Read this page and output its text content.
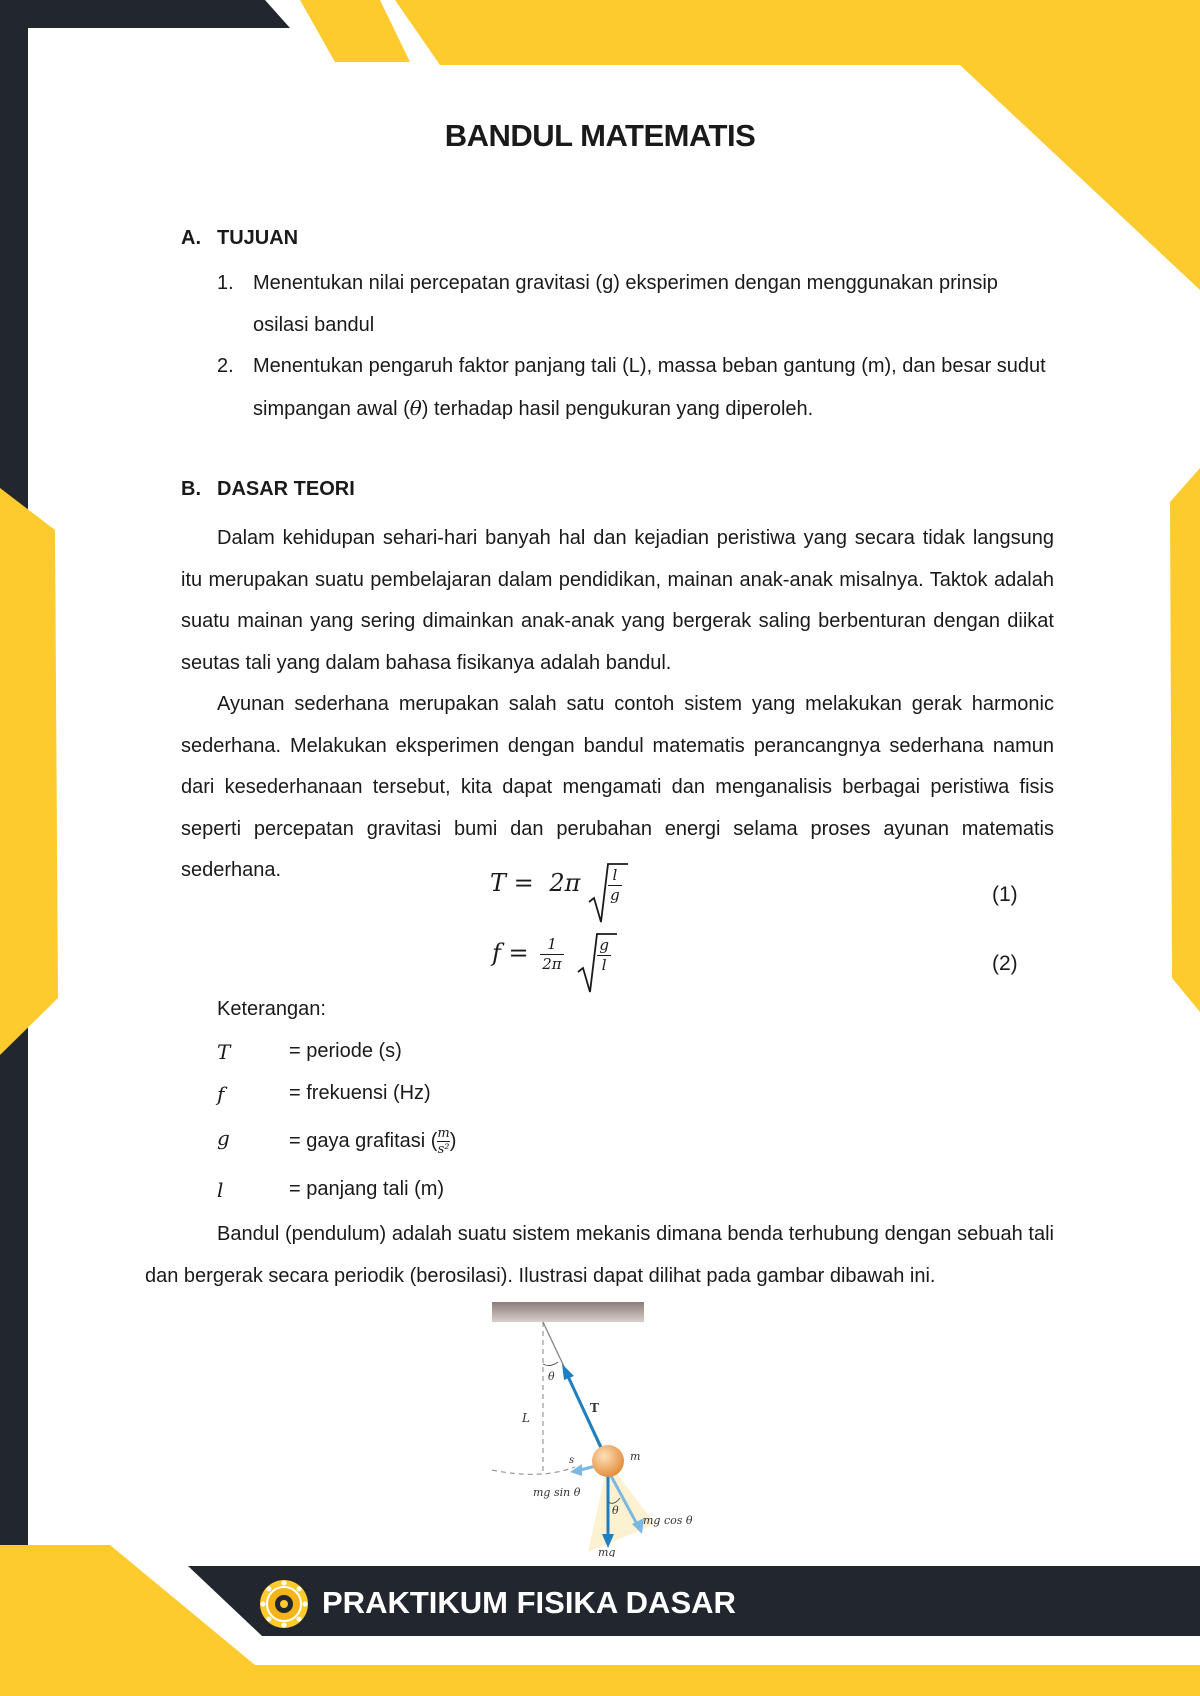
BANDUL MATEMATIS
A. TUJUAN
1. Menentukan nilai percepatan gravitasi (g) eksperimen dengan menggunakan prinsip osilasi bandul
2. Menentukan pengaruh faktor panjang tali (L), massa beban gantung (m), dan besar sudut simpangan awal (θ) terhadap hasil pengukuran yang diperoleh.
B. DASAR TEORI

Dalam kehidupan sehari-hari banyah hal dan kejadian peristiwa yang secara tidak langsung itu merupakan suatu pembelajaran dalam pendidikan, mainan anak-anak misalnya. Taktok adalah suatu mainan yang sering dimainkan anak-anak yang bergerak saling berbenturan dengan diikat seutas tali yang dalam bahasa fisikanya adalah bandul.

Ayunan sederhana merupakan salah satu contoh sistem yang melakukan gerak harmonic sederhana. Melakukan eksperimen dengan bandul matematis perancangnya sederhana namun dari kesederhanaan tersebut, kita dapat mengamati dan menganalisis berbagai peristiwa fisis seperti percepatan gravitasi bumi dan perubahan energi selama proses ayunan matematis sederhana.	$T = 2\pi \frac{l}{g}$	(1)
$f = \frac{1}{2\pi}$
$\frac{g}{l}$	(2)
Keterangan:
T	= periode (s)
f	= frekuensi (Hz)
g	= gaya grafitasi ( $\frac{m}{\text{s²}}$)
l	= panjang tali (m)

Bandul (pendulum) adalah suatu sistem mekanis dimana benda terhubung dengan sebuah tali dan bergerak secara periodik (berosilasi). Ilustrasi dapat dilihat pada gambar dibawah ini.

θ
T
L
s	m
mg sin θ
θ
mg cos θ
mg
PRAKTIKUM FISIKA DASAR
